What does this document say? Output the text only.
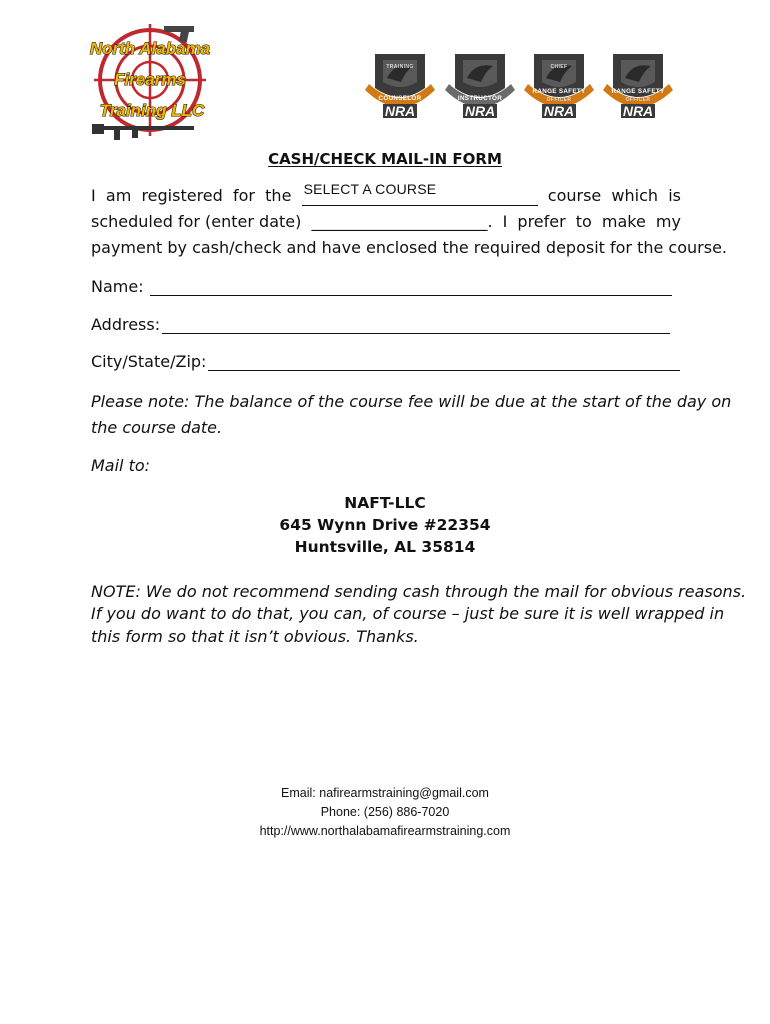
North Alabama
Firearms
Training LLC
TRAINING
COUNSELOR
NRA
INSTRUCTOR
NRA
CHIEF
RANGE SAFETY
OFFICER
NRA
RANGE SAFETY
OFFICER
NRA
CASH/CHECK MAIL-IN FORM
I am registered for the SELECT A COURSE	course which is
scheduled for (enter date) ______________________. I prefer to make my
payment by cash/check and have enclosed the required deposit for the course.
Name:
Address:
City/State/Zip:
Please note: The balance of the course fee will be due at the start of the day on
the course date.
Mail to:
NAFT-LLC
645 Wynn Drive #22354
Huntsville, AL 35814
NOTE: We do not recommend sending cash through the mail for obvious reasons.
If you do want to do that, you can, of course – just be sure it is well wrapped in
this form so that it isn’t obvious. Thanks.
Email: nafirearmstraining@gmail.com
Phone: (256) 886-7020
http://www.northalabamafirearmstraining.com
